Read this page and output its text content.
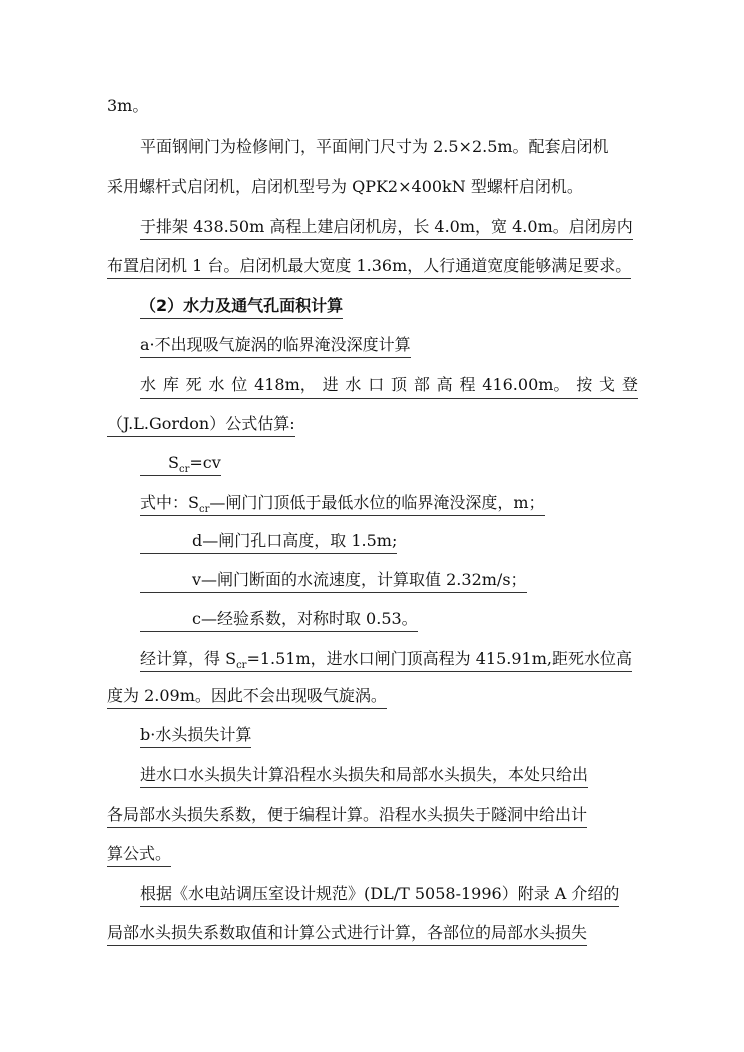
3m。
平面钢闸门为检修闸门，平面闸门尺寸为 2.5×2.5m。配套启闭机
采用螺杆式启闭机，启闭机型号为 QPK2×400kN 型螺杆启闭机。
于排架 438.50m 高程上建启闭机房，长 4.0m，宽 4.0m。启闭房内
布置启闭机 1 台。启闭机最大宽度 1.36m，人行通道宽度能够满足要求。
（2）水力及通气孔面积计算
a·不出现吸气旋涡的临界淹没深度计算
水 库 死 水 位 418m， 进 水 口 顶 部 高 程 416.00m。 按 戈 登
（J.L.Gordon）公式估算:
$S_{cr}=cv$
式中：$S_{cr}—$闸门门顶低于最低水位的临界淹没深度，m；
d—闸门孔口高度，取 1.5m;
v—闸门断面的水流速度，计算取值 2.32m/s；
c—经验系数，对称时取 0.53。
经计算，得 $S_{cr}=1.51m$，进水口闸门顶高程为 415.91m,距死水位高
度为 2.09m。因此不会出现吸气旋涡。
b·水头损失计算
进水口水头损失计算沿程水头损失和局部水头损失，本处只给出
各局部水头损失系数，便于编程计算。沿程水头损失于隧洞中给出计
算公式。
根据《水电站调压室设计规范》(DL/T 5058-1996）附录 A 介绍的
局部水头损失系数取值和计算公式进行计算，各部位的局部水头损失
